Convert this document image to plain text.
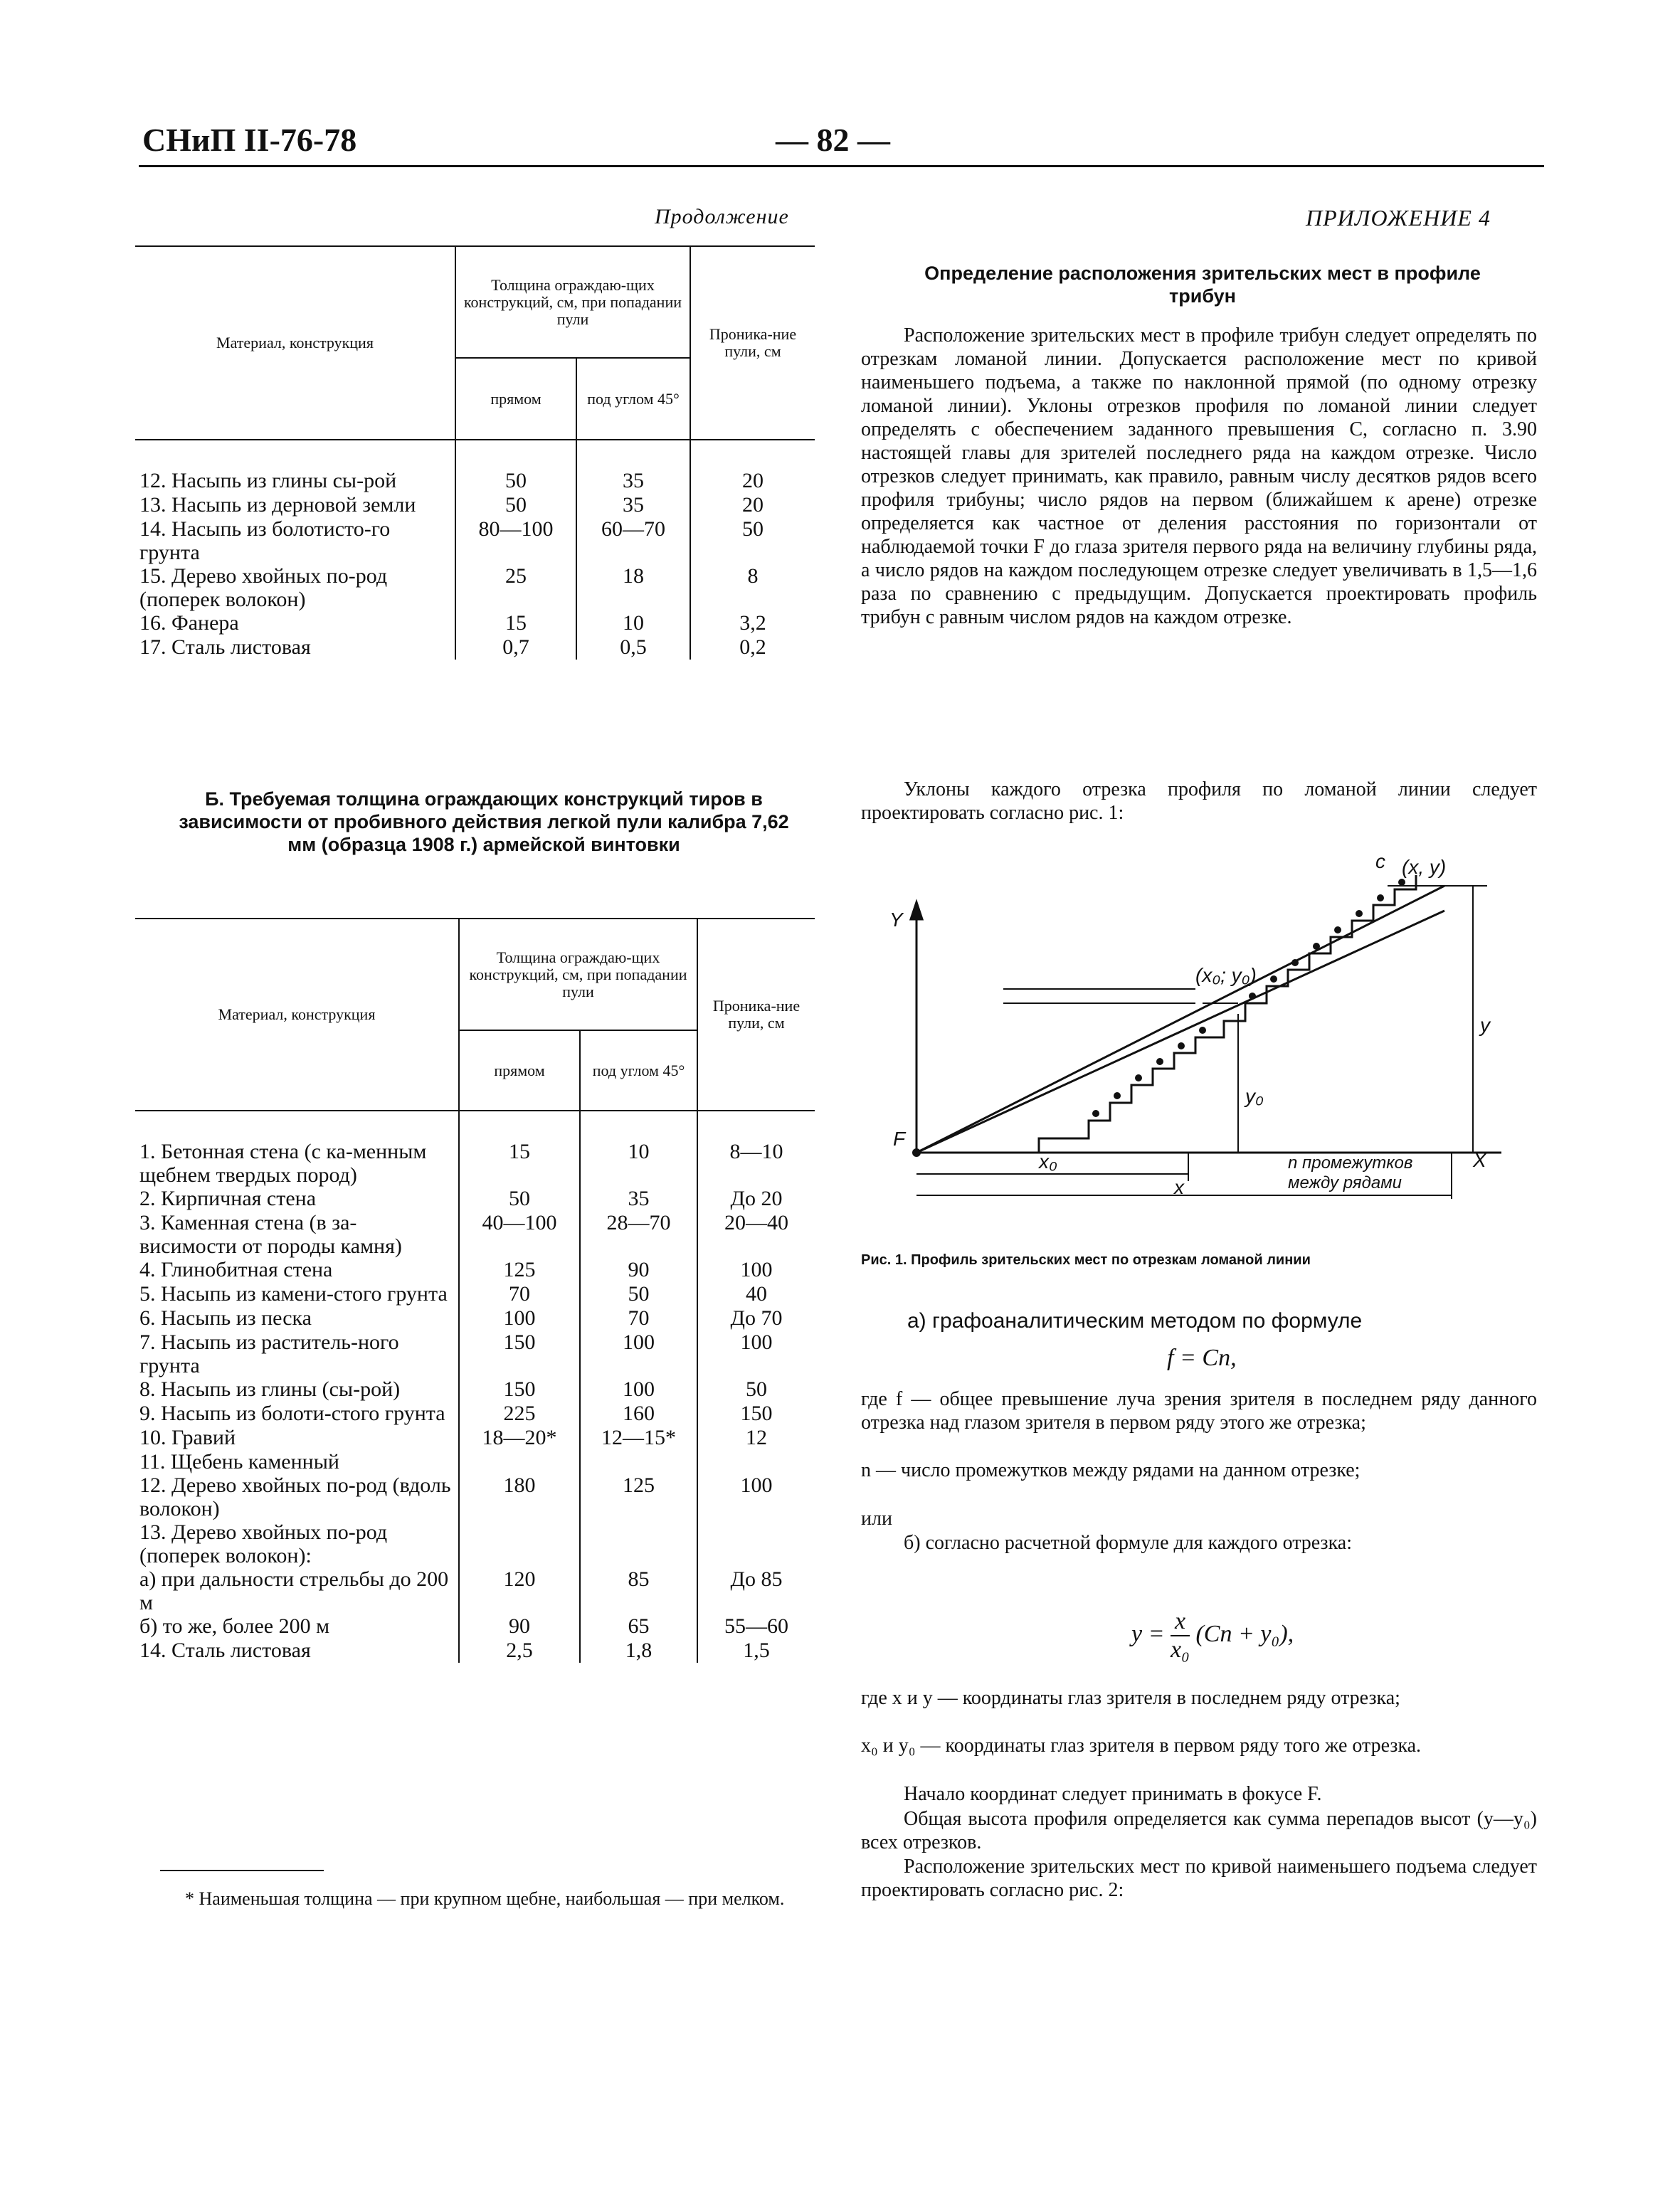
СНиП II-76-78	— 82 —
Продолжение
Материал, конструкция	Толщина ограждаю-щих конструкций, см, при попадании пули		Проника-ние пули, см
	прямом	под углом 45°	

12. Насыпь из глины сы-рой	50	35	20
13. Насыпь из дерновой земли	50	35	20
14. Насыпь из болотисто-го грунта	80—100	60—70	50
15. Дерево хвойных по-род (поперек волокон)	25	18	8
16. Фанера	15	10	3,2
17. Сталь листовая	0,7	0,5	0,2
Б. Требуемая толщина ограждающих конструкций тиров в зависимости от пробивного действия легкой пули калибра 7,62 мм (образца 1908 г.) армейской винтовки
Материал, конструкция	Толщина ограждаю-щих конструкций, см, при попадании пули		Проника-ние пули, см
	прямом	под углом 45°	

1. Бетонная стена (с ка-менным щебнем твердых пород)	15	10	8—10
2. Кирпичная стена	50	35	До 20
3. Каменная стена (в за-висимости от породы камня)	40—100	28—70	20—40
4. Глинобитная стена	125	90	100
5. Насыпь из камени-стого грунта	70	50	40
6. Насыпь из песка	100	70	До 70
7. Насыпь из раститель-ного грунта	150	100	100
8. Насыпь из глины (сы-рой)	150	100	50
9. Насыпь из болоти-стого грунта	225	160	150
10. Гравий	18—20*	12—15*	12
11. Щебень каменный			
12. Дерево хвойных по-род (вдоль волокон)	180	125	100
13. Дерево хвойных по-род (поперек волокон):			
а) при дальности стрельбы до 200 м	120	85	До 85
б) то же, более 200 м	90	65	55—60
14. Сталь листовая	2,5	1,8	1,5
* Наименьшая толщина — при крупном щебне, наибольшая — при мелком.
ПРИЛОЖЕНИЕ 4
Определение расположения зрительских мест в профиле трибун
Расположение зрительских мест в профиле трибун следует определять по отрезкам ломаной линии. Допускается расположение мест по кривой наименьшего подъема, а также по наклонной прямой (по одному отрезку ломаной линии). Уклоны отрезков профиля по ломаной линии следует определять с обеспечением заданного превышения C, согласно п. 3.90 настоящей главы для зрителей последнего ряда на каждом отрезке. Число отрезков следует принимать, как правило, равным числу десятков рядов всего профиля трибуны; число рядов на первом (ближайшем к арене) отрезке определяется как частное от деления расстояния по горизонтали от наблюдаемой точки F до глаза зрителя первого ряда на величину глубины ряда, а число рядов на каждом последующем отрезке следует увеличивать в 1,5—1,6 раза по сравнению с предыдущим. Допускается проектировать профиль трибун с равным числом рядов на каждом отрезке.
Уклоны каждого отрезка профиля по ломаной линии следует проектировать согласно рис. 1:
Y
F
X
(x, y)
(x₀; y₀)
c
y
y₀
x₀
x
n промежутков
между рядами
Рис. 1. Профиль зрительских мест по отрезкам ломаной линии
а) графоаналитическим методом по формуле
f = Cn,
где f — общее превышение луча зрения зрителя в последнем ряду данного отрезка над глазом зрителя в первом ряду этого же отрезка;
n — число промежутков между рядами на данном отрезке;
или
б) согласно расчетной формуле для каждого отрезка:
$y = \frac{x}{\text{x₀}} (Cn + y_0)$,
где x и y — координаты глаз зрителя в последнем ряду отрезка;
x₀ и y₀ — координаты глаз зрителя в первом ряду того же отрезка.
Начало координат следует принимать в фокусе F.
Общая высота профиля определяется как сумма перепадов высот (y—y₀) всех отрезков.
Расположение зрительских мест по кривой наименьшего подъема следует проектировать согласно рис. 2:
